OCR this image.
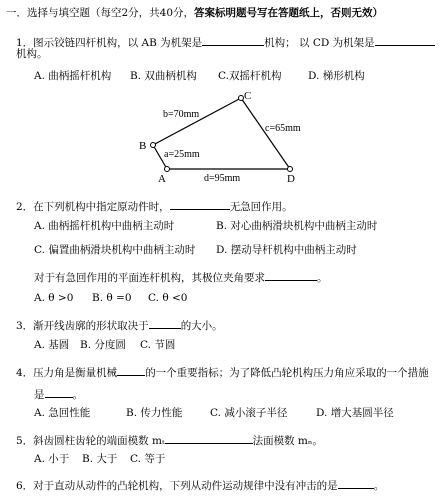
一．选择与填空题（每空2分，共40分，答案标明题号写在答题纸上，否则无效）
1．图示铰链四杆机构，以 AB 为机架是	机构； 以 CD 为机架是
机构。
A. 曲柄摇杆机构 B. 双曲柄机构 C.双摇杆机构	D. 梯形机构
A
B
C
D
b=70mm
c=65mm
a=25mm
d=95mm
2．在下列机构中指定原动件时，	无急回作用。
A. 曲柄摇杆机构中曲柄主动时	B. 对心曲柄滑块机构中曲柄主动时
C. 偏置曲柄滑块机构中曲柄主动时 D. 摆动导杆机构中曲柄主动时
对于有急回作用的平面连杆机构，其极位夹角要求	。
A. θ >0 B. θ =0 C. θ <0
3．渐开线齿廓的形状取决于	的大小。
A. 基圆 B. 分度圆 C. 节圆
4．压力角是衡量机械	的一个重要指标；为了降低凸轮机构压力角应采取的一个措施
是	。
A. 急回性能	B. 传力性能	C. 减小滚子半径	D. 增大基圆半径
5．斜齿圆柱齿轮的端面模数 mₜ	法面模数 mₙ。
A. 小于 B. 大于 C. 等于
6．对于直动从动件的凸轮机构，下列从动件运动规律中没有冲击的是	。
